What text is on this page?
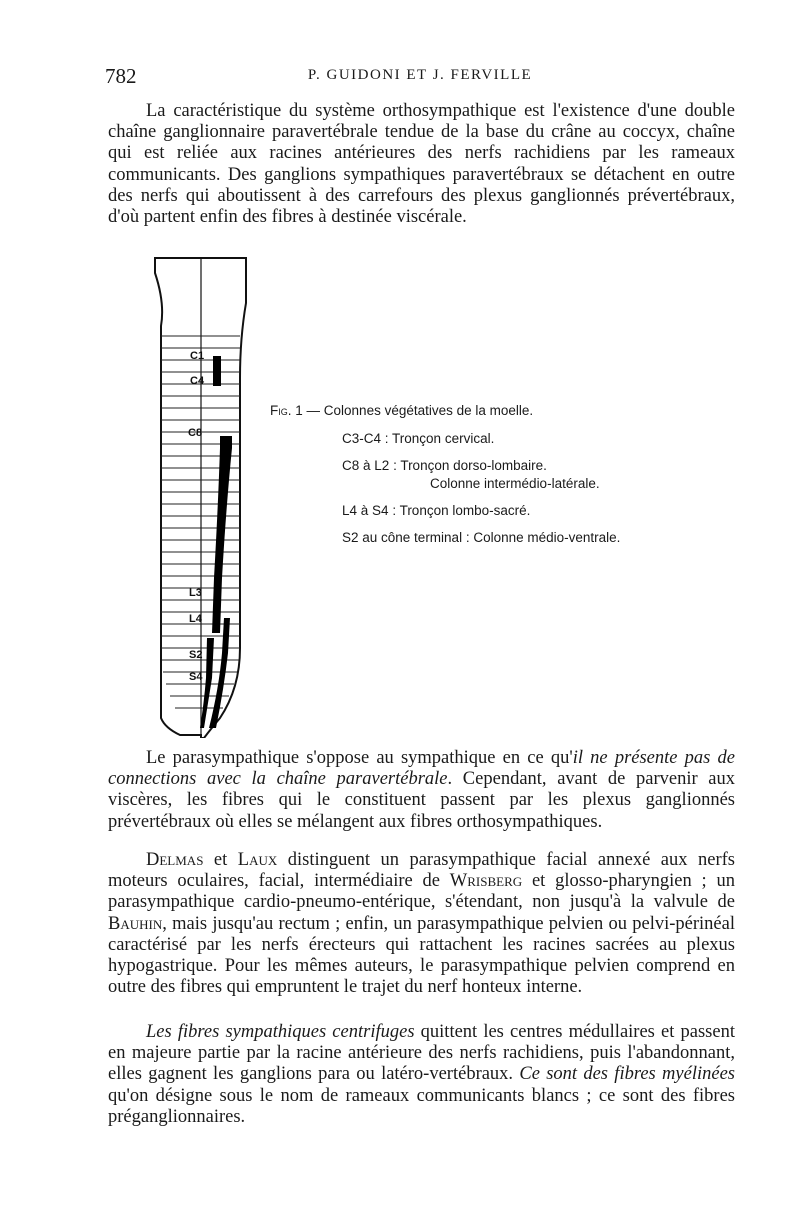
782	P. GUIDONI ET J. FERVILLE

La caractéristique du système orthosympathique est l'existence d'une double chaîne ganglionnaire paravertébrale tendue de la base du crâne au coccyx, chaîne qui est reliée aux racines antérieures des nerfs rachidiens par les rameaux communicants. Des ganglions sympathiques paravertébraux se détachent en outre des nerfs qui aboutissent à des carrefours des plexus ganglionnés prévertébraux, d'où partent enfin des fibres à destinée viscérale.

C1
C4
C8
L3
L4
S2
S4
Fig. 1 — Colonnes végétatives de la moelle.
C3-C4 : Tronçon cervical.
C8 à L2 : Tronçon dorso-lombaire.
Colonne intermédio-latérale.
L4 à S4 : Tronçon lombo-sacré.
S2 au cône terminal : Colonne médio-ventrale.

Le parasympathique s'oppose au sympathique en ce qu'il ne présente pas de connections avec la chaîne paravertébrale. Cependant, avant de parvenir aux viscères, les fibres qui le constituent passent par les plexus ganglionnés prévertébraux où elles se mélangent aux fibres orthosympathiques.

Delmas et Laux distinguent un parasympathique facial annexé aux nerfs moteurs oculaires, facial, intermédiaire de Wrisberg et glosso-pharyngien ; un parasympathique cardio-pneumo-entérique, s'étendant, non jusqu'à la valvule de Bauhin, mais jusqu'au rectum ; enfin, un parasympathique pelvien ou pelvi-périnéal caractérisé par les nerfs érecteurs qui rattachent les racines sacrées au plexus hypogastrique. Pour les mêmes auteurs, le parasympathique pelvien comprend en outre des fibres qui empruntent le trajet du nerf honteux interne.

Les fibres sympathiques centrifuges quittent les centres médullaires et passent en majeure partie par la racine antérieure des nerfs rachidiens, puis l'abandonnant, elles gagnent les ganglions para ou latéro-vertébraux. Ce sont des fibres myélinées qu'on désigne sous le nom de rameaux communicants blancs ; ce sont des fibres préganglionnaires.
